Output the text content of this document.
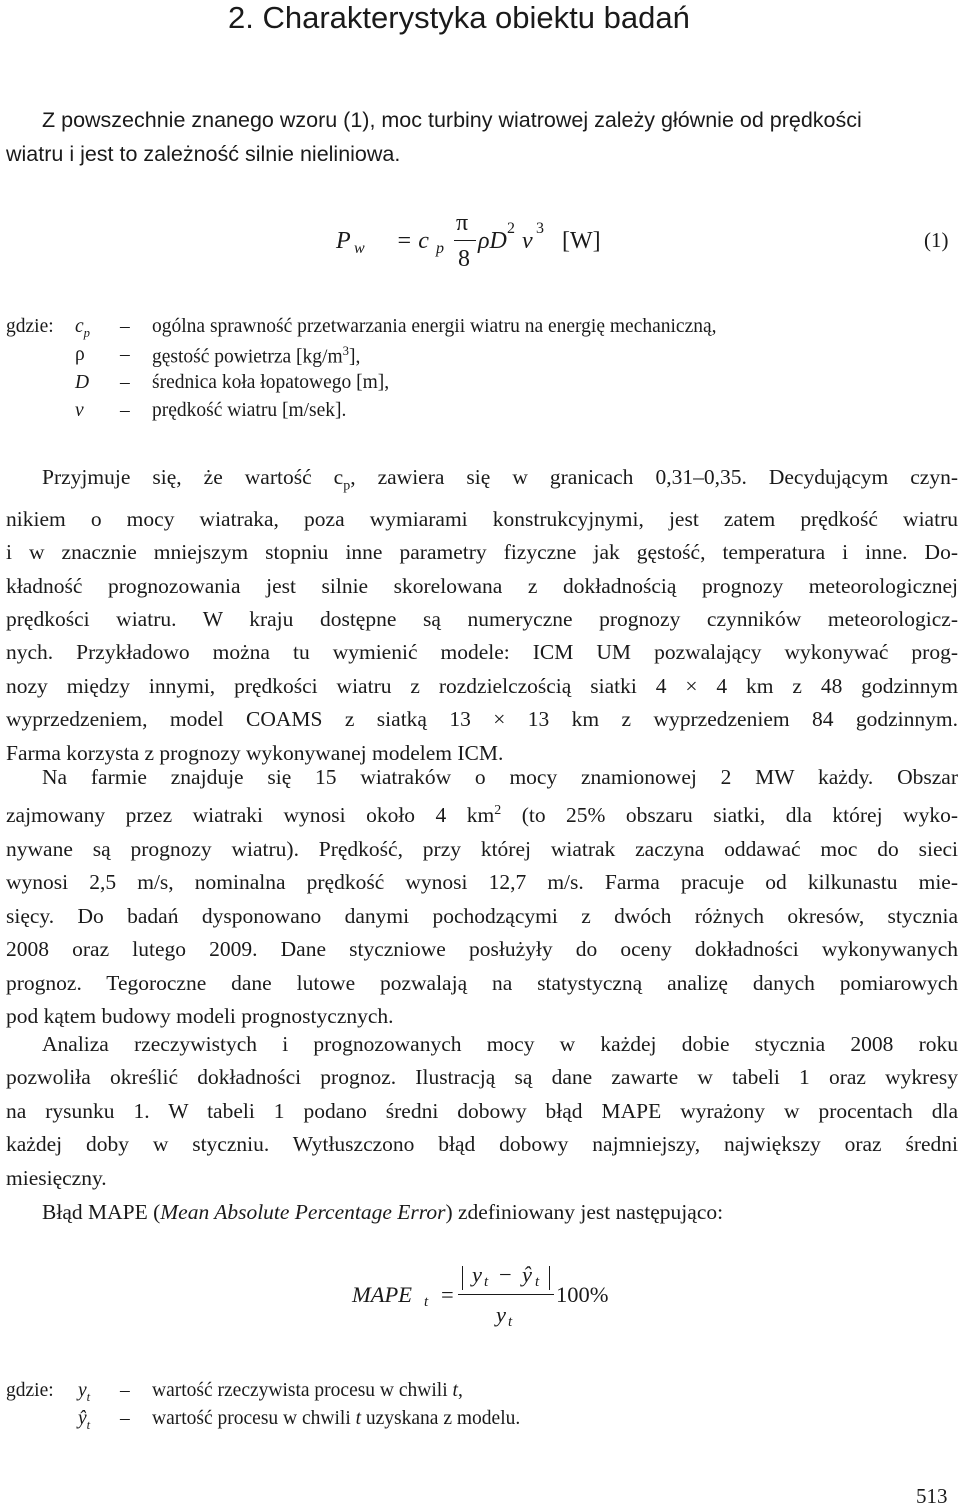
2. Charakterystyka obiektu badań
Z powszechnie znanego wzoru (1), moc turbiny wiatrowej zależy głównie od prędkości
wiatru i jest to zależność silnie nieliniowa.
P w = c p
π
8
ρD 2 v 3 [W]	(1)
gdzie: $c_p$ – ogólna sprawność przetwarzania energii wiatru na energię mechaniczną,
ρ – gęstość powietrza $[kg/m^3]$,
D – średnica koła łopatowego [m],
v – prędkość wiatru [m/sek].
Przyjmuje się, że wartość $c_p$, zawiera się w granicach 0,31–0,35. Decydującym czyn-
nikiem o mocy wiatraka, poza wymiarami konstrukcyjnymi, jest zatem prędkość wiatru
i w znacznie mniejszym stopniu inne parametry fizyczne jak gęstość, temperatura i inne. Do-
kładność prognozowania jest silnie skorelowana z dokładnością prognozy meteorologicznej
prędkości wiatru. W kraju dostępne są numeryczne prognozy czynników meteorologicz-
nych. Przykładowo można tu wymienić modele: ICM UM pozwalający wykonywać prog-
nozy między innymi, prędkości wiatru z rozdzielczością siatki 4 × 4 km z 48 godzinnym
wyprzedzeniem, model COAMS z siatką 13 × 13 km z wyprzedzeniem 84 godzinnym.
Farma korzysta z prognozy wykonywanej modelem ICM.
Na farmie znajduje się 15 wiatraków o mocy znamionowej 2 MW każdy. Obszar
zajmowany przez wiatraki wynosi około 4 $km^2$ (to 25% obszaru siatki, dla której wyko-
nywane są prognozy wiatru). Prędkość, przy której wiatrak zaczyna oddawać moc do sieci
wynosi 2,5 m/s, nominalna prędkość wynosi 12,7 m/s. Farma pracuje od kilkunastu mie-
sięcy. Do badań dysponowano danymi pochodzącymi z dwóch różnych okresów, stycznia
2008 oraz lutego 2009. Dane styczniowe posłużyły do oceny dokładności wykonywanych
prognoz. Tegoroczne dane lutowe pozwalają na statystyczną analizę danych pomiarowych
pod kątem budowy modeli prognostycznych.
Analiza rzeczywistych i prognozowanych mocy w każdej dobie stycznia 2008 roku
pozwoliła określić dokładności prognoz. Ilustracją są dane zawarte w tabeli 1 oraz wykresy
na rysunku 1. W tabeli 1 podano średni dobowy błąd MAPE wyrażony w procentach dla
każdej doby w styczniu. Wytłuszczono błąd dobowy najmniejszy, największy oraz średni
miesięczny.
Błąd MAPE (Mean Absolute Percentage Error) zdefiniowany jest następująco:
MAPE t =
y t − ŷ t
y t
100%
gdzie: $y_t$ – wartość rzeczywista procesu w chwili t,
$ŷ_t$ – wartość procesu w chwili t uzyskana z modelu.
513
